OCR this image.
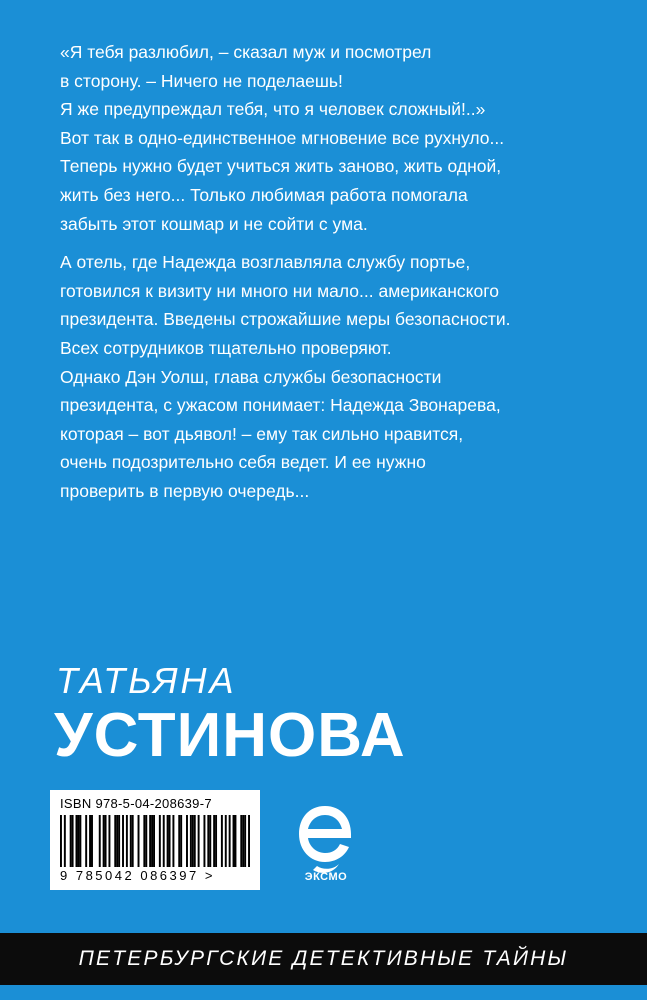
«Я тебя разлюбил, – сказал муж и посмотрел
в сторону. – Ничего не поделаешь!
Я же предупреждал тебя, что я человек сложный!..»
Вот так в одно-единственное мгновение все рухнуло...
Теперь нужно будет учиться жить заново, жить одной,
жить без него... Только любимая работа помогала
забыть этот кошмар и не сойти с ума.

А отель, где Надежда возглавляла службу портье,
готовился к визиту ни много ни мало... американского
президента. Введены строжайшие меры безопасности.
Всех сотрудников тщательно проверяют.
Однако Дэн Уолш, глава службы безопасности
президента, с ужасом понимает: Надежда Звонарева,
которая – вот дьявол! – ему так сильно нравится,
очень подозрительно себя ведет. И ее нужно
проверить в первую очередь...

ТАТЬЯНА
УСТИНОВА
ISBN 978-5-04-208639-7
9 785042 086397 >	ЭКСМО
ПЕТЕРБУРГСКИЕ ДЕТЕКТИВНЫЕ ТАЙНЫ
